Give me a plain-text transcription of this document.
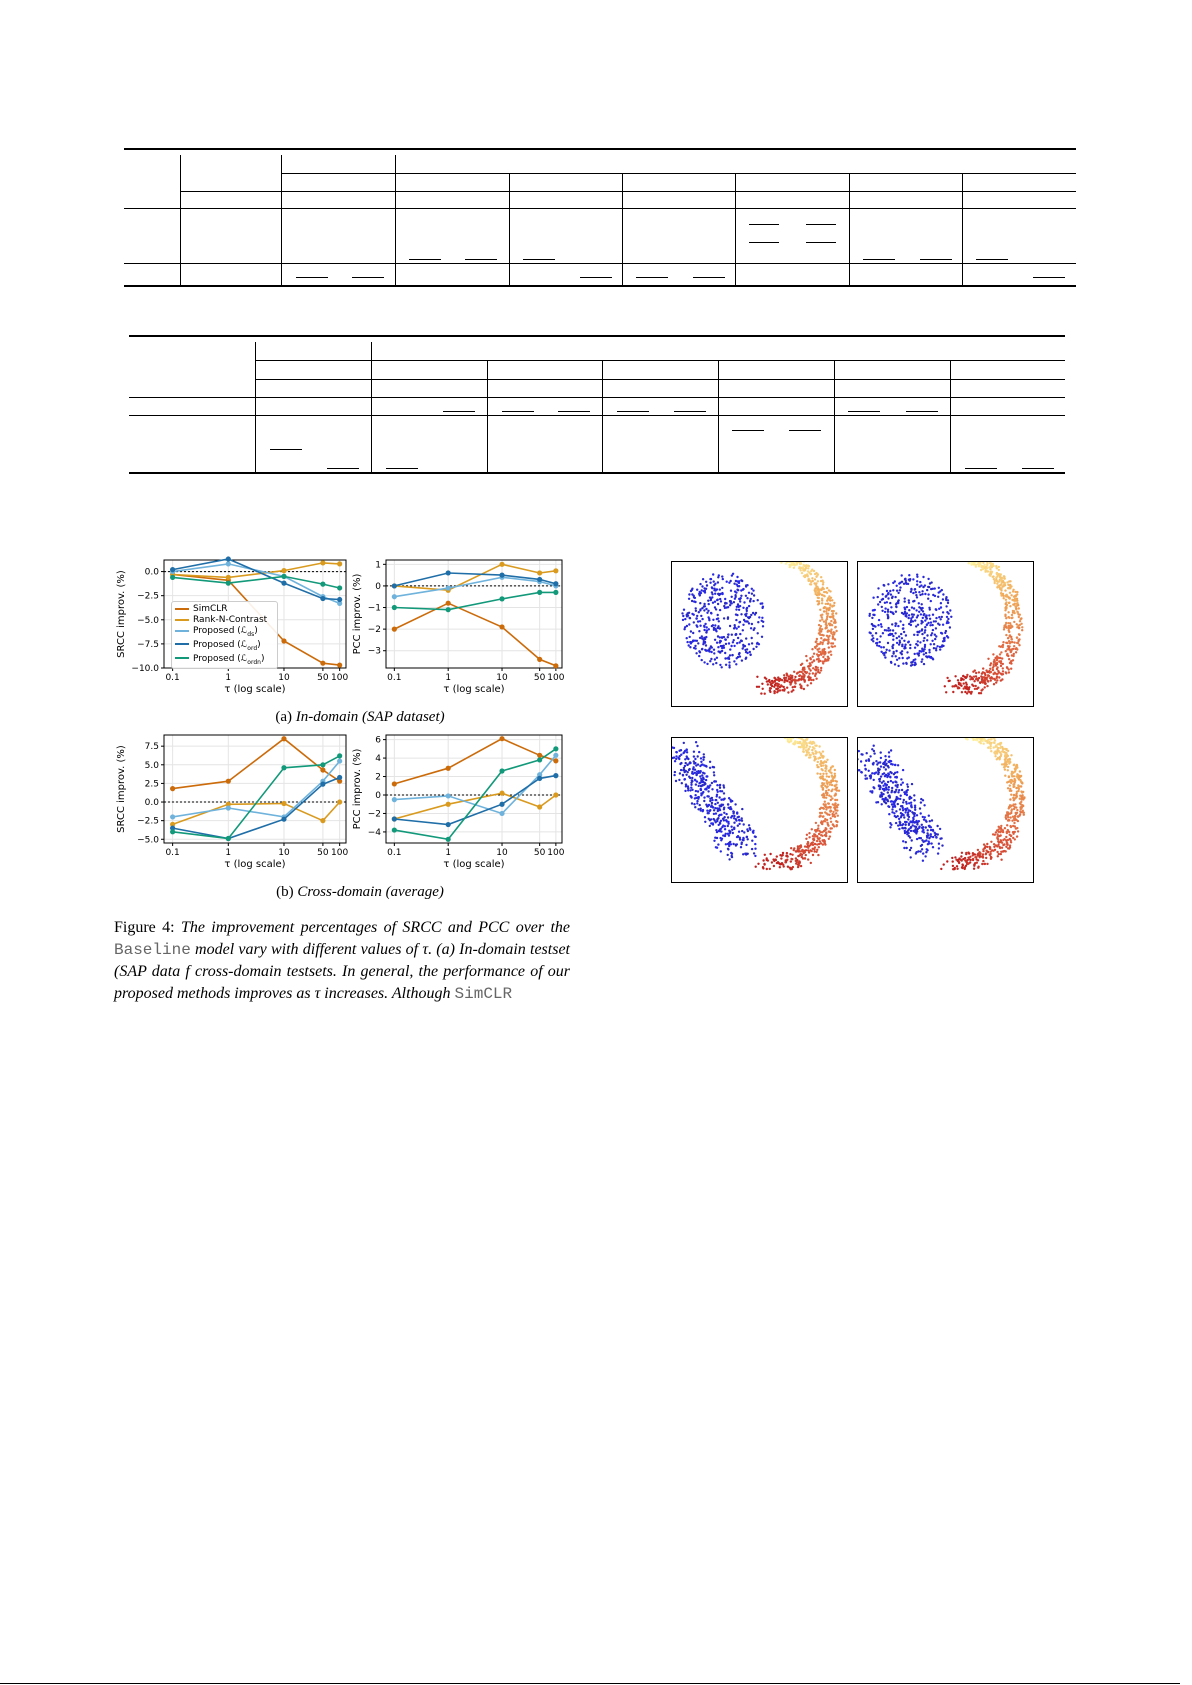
0.0
−2.5
−5.0
−7.5
−10.0
0.1	1	10	50 100
τ (log scale)
SRCC improv. (%)
1
0
−1
−2
−3
0.1	1	10	50 100
τ (log scale)
PCC improv. (%)
7.5
5.0
2.5
0.0
−2.5
−5.0
0.1	1	10	50 100
τ (log scale)
SRCC improv. (%)
6
4
2
0
−2
−4
0.1	1	10	50 100
τ (log scale)
PCC improv. (%)
SimCLR
Rank-N-Contrast
Proposed (ℒ$_{ds}$)
Proposed (ℒ$_{ord}$)
Proposed (ℒ$_{ordn}$)
(a) In-domain (SAP dataset)
(b) Cross-domain (average)
Figure 4: The improvement percentages of SRCC and PCC over the Baseline model vary with different values of τ. (a) In-domain testset (SAP data f cross-domain testsets. In general, the performance of our proposed methods improves as τ increases. Although SimCLR
